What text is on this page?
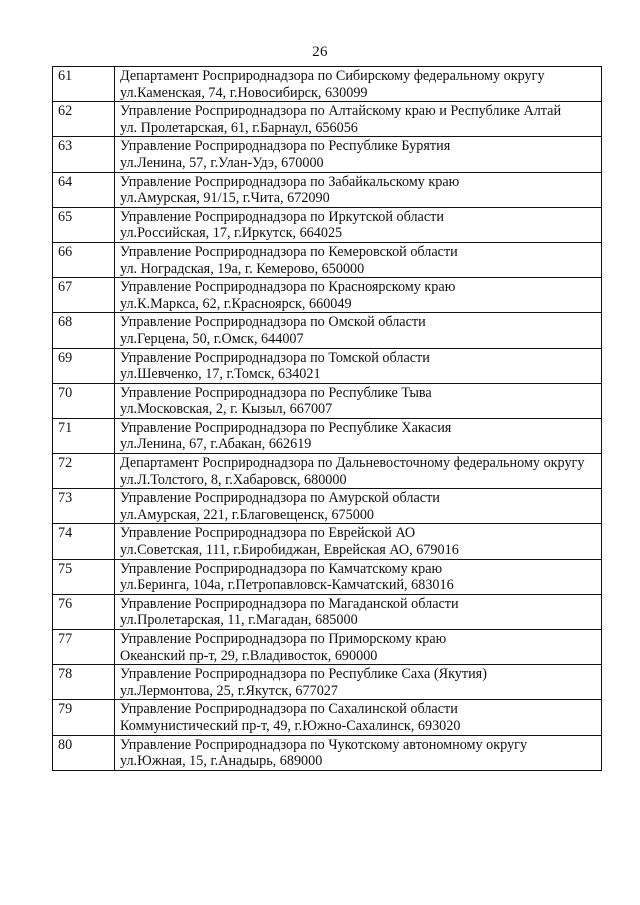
26
61	Департамент Росприроднадзора по Сибирскому федеральному округу
ул.Каменская, 74, г.Новосибирск, 630099

62	Управление Росприроднадзора по Алтайскому краю и Республике Алтай
ул. Пролетарская, 61, г.Барнаул, 656056

63	Управление Росприроднадзора по Республике Бурятия
ул.Ленина, 57, г.Улан-Удэ, 670000

64	Управление Росприроднадзора по Забайкальскому краю
ул.Амурская, 91/15, г.Чита, 672090

65	Управление Росприроднадзора по Иркутской области
ул.Российская, 17, г.Иркутск, 664025

66	Управление Росприроднадзора по Кемеровской области
ул. Ноградская, 19а, г. Кемерово, 650000

67	Управление Росприроднадзора по Красноярскому краю
ул.К.Маркса, 62, г.Красноярск, 660049

68	Управление Росприроднадзора по Омской области
ул.Герцена, 50, г.Омск, 644007

69	Управление Росприроднадзора по Томской области
ул.Шевченко, 17, г.Томск, 634021

70	Управление Росприроднадзора по Республике Тыва
ул.Московская, 2, г. Кызыл, 667007

71	Управление Росприроднадзора по Республике Хакасия
ул.Ленина, 67, г.Абакан, 662619

72	Департамент Росприроднадзора по Дальневосточному федеральному округу
ул.Л.Толстого, 8, г.Хабаровск, 680000

73	Управление Росприроднадзора по Амурской области
ул.Амурская, 221, г.Благовещенск, 675000

74	Управление Росприроднадзора по Еврейской АО
ул.Советская, 111, г.Биробиджан, Еврейская АО, 679016

75	Управление Росприроднадзора по Камчатскому краю
ул.Беринга, 104а, г.Петропавловск-Камчатский, 683016

76	Управление Росприроднадзора по Магаданской области
ул.Пролетарская, 11, г.Магадан, 685000

77	Управление Росприроднадзора по Приморскому краю
Океанский пр-т, 29, г.Владивосток, 690000

78	Управление Росприроднадзора по Республике Саха (Якутия)
ул.Лермонтова, 25, г.Якутск, 677027

79	Управление Росприроднадзора по Сахалинской области
Коммунистический пр-т, 49, г.Южно-Сахалинск, 693020

80	Управление Росприроднадзора по Чукотскому автономному округу
ул.Южная, 15, г.Анадырь, 689000
